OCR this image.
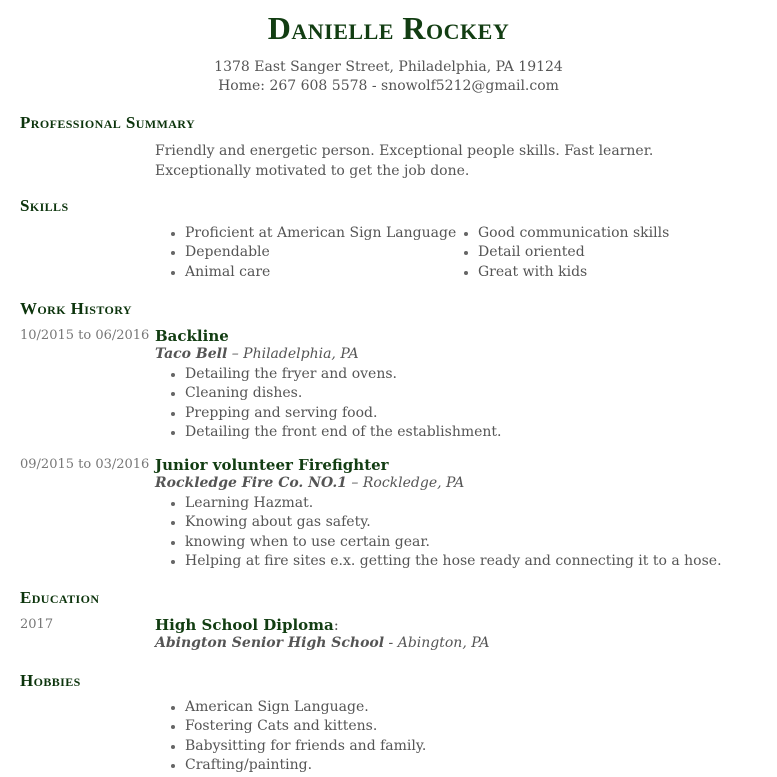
Danielle Rockey
1378 East Sanger Street, Philadelphia, PA 19124
Home: 267 608 5578 - snowolf5212@gmail.com
Professional Summary
Friendly and energetic person. Exceptional people skills. Fast learner. Exceptionally motivated to get the job done.
Skills
Proficient at American Sign Language
Dependable
Animal care
Good communication skills
Detail oriented
Great with kids
Work History
10/2015 to 06/2016 Backline
Taco Bell – Philadelphia, PA
Detailing the fryer and ovens.
Cleaning dishes.
Prepping and serving food.
Detailing the front end of the establishment.
09/2015 to 03/2016 Junior volunteer Firefighter
Rockledge Fire Co. NO.1 – Rockledge, PA
Learning Hazmat.
Knowing about gas safety.
knowing when to use certain gear.
Helping at fire sites e.x. getting the hose ready and connecting it to a hose.
Education
2017	High School Diploma:
Abington Senior High School - Abington, PA
Hobbies
American Sign Language.
Fostering Cats and kittens.
Babysitting for friends and family.
Crafting/painting.
